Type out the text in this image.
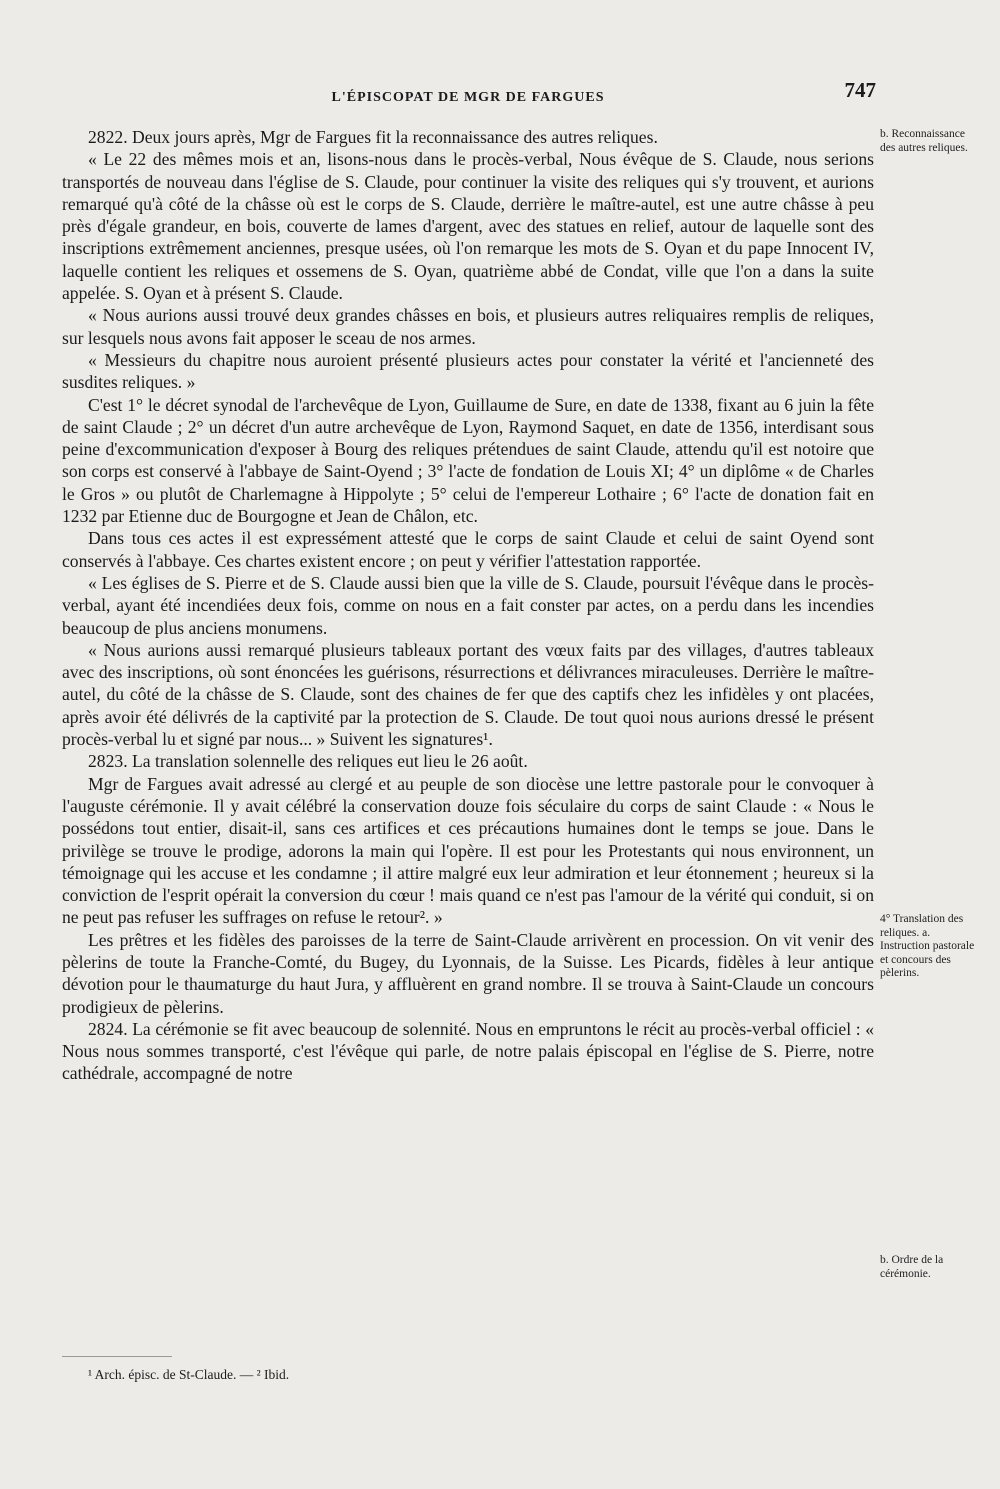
L'ÉPISCOPAT DE MGR DE FARGUES	747

2822. Deux jours après, Mgr de Fargues fit la reconnaissance des autres reliques.

« Le 22 des mêmes mois et an, lisons-nous dans le procès-verbal, Nous évêque de S. Claude, nous serions transportés de nouveau dans l'église de S. Claude, pour continuer la visite des reliques qui s'y trouvent, et aurions remarqué qu'à côté de la châsse où est le corps de S. Claude, derrière le maître-autel, est une autre châsse à peu près d'égale grandeur, en bois, couverte de lames d'argent, avec des statues en relief, autour de laquelle sont des inscriptions extrêmement anciennes, presque usées, où l'on remarque les mots de S. Oyan et du pape Innocent IV, laquelle contient les reliques et ossemens de S. Oyan, quatrième abbé de Condat, ville que l'on a dans la suite appelée. S. Oyan et à présent S. Claude.

« Nous aurions aussi trouvé deux grandes châsses en bois, et plusieurs autres reliquaires remplis de reliques, sur lesquels nous avons fait apposer le sceau de nos armes.

« Messieurs du chapitre nous auroient présenté plusieurs actes pour constater la vérité et l'ancienneté des susdites reliques. »

C'est 1° le décret synodal de l'archevêque de Lyon, Guillaume de Sure, en date de 1338, fixant au 6 juin la fête de saint Claude ; 2° un décret d'un autre archevêque de Lyon, Raymond Saquet, en date de 1356, interdisant sous peine d'excommunication d'exposer à Bourg des reliques prétendues de saint Claude, attendu qu'il est notoire que son corps est conservé à l'abbaye de Saint-Oyend ; 3° l'acte de fondation de Louis XI; 4° un diplôme « de Charles le Gros » ou plutôt de Charlemagne à Hippolyte ; 5° celui de l'empereur Lothaire ; 6° l'acte de donation fait en 1232 par Etienne duc de Bourgogne et Jean de Châlon, etc.

Dans tous ces actes il est expressément attesté que le corps de saint Claude et celui de saint Oyend sont conservés à l'abbaye. Ces chartes existent encore ; on peut y vérifier l'attestation rapportée.

« Les églises de S. Pierre et de S. Claude aussi bien que la ville de S. Claude, poursuit l'évêque dans le procès-verbal, ayant été incendiées deux fois, comme on nous en a fait conster par actes, on a perdu dans les incendies beaucoup de plus anciens monumens.

« Nous aurions aussi remarqué plusieurs tableaux portant des vœux faits par des villages, d'autres tableaux avec des inscriptions, où sont énoncées les guérisons, résurrections et délivrances miraculeuses. Derrière le maître-autel, du côté de la châsse de S. Claude, sont des chaines de fer que des captifs chez les infidèles y ont placées, après avoir été délivrés de la captivité par la protection de S. Claude. De tout quoi nous aurions dressé le présent procès-verbal lu et signé par nous... » Suivent les signatures¹.

2823. La translation solennelle des reliques eut lieu le 26 août.

Mgr de Fargues avait adressé au clergé et au peuple de son diocèse une lettre pastorale pour le convoquer à l'auguste cérémonie. Il y avait célébré la conservation douze fois séculaire du corps de saint Claude : « Nous le possédons tout entier, disait-il, sans ces artifices et ces précautions humaines dont le temps se joue. Dans le privilège se trouve le prodige, adorons la main qui l'opère. Il est pour les Protestants qui nous environnent, un témoignage qui les accuse et les condamne ; il attire malgré eux leur admiration et leur étonnement ; heureux si la conviction de l'esprit opérait la conversion du cœur ! mais quand ce n'est pas l'amour de la vérité qui conduit, si on ne peut pas refuser les suffrages on refuse le retour². »

Les prêtres et les fidèles des paroisses de la terre de Saint-Claude arrivèrent en procession. On vit venir des pèlerins de toute la Franche-Comté, du Bugey, du Lyonnais, de la Suisse. Les Picards, fidèles à leur antique dévotion pour le thaumaturge du haut Jura, y affluèrent en grand nombre. Il se trouva à Saint-Claude un concours prodigieux de pèlerins.

2824. La cérémonie se fit avec beaucoup de solennité. Nous en empruntons le récit au procès-verbal officiel : « Nous nous sommes transporté, c'est l'évêque qui parle, de notre palais épiscopal en l'église de S. Pierre, notre cathédrale, accompagné de notre

b. Reconnaissance des autres reliques.
4° Translation des reliques. a. Instruction pastorale et concours des pèlerins.
b. Ordre de la cérémonie.
¹ Arch. épisc. de St-Claude. — ² Ibid.
